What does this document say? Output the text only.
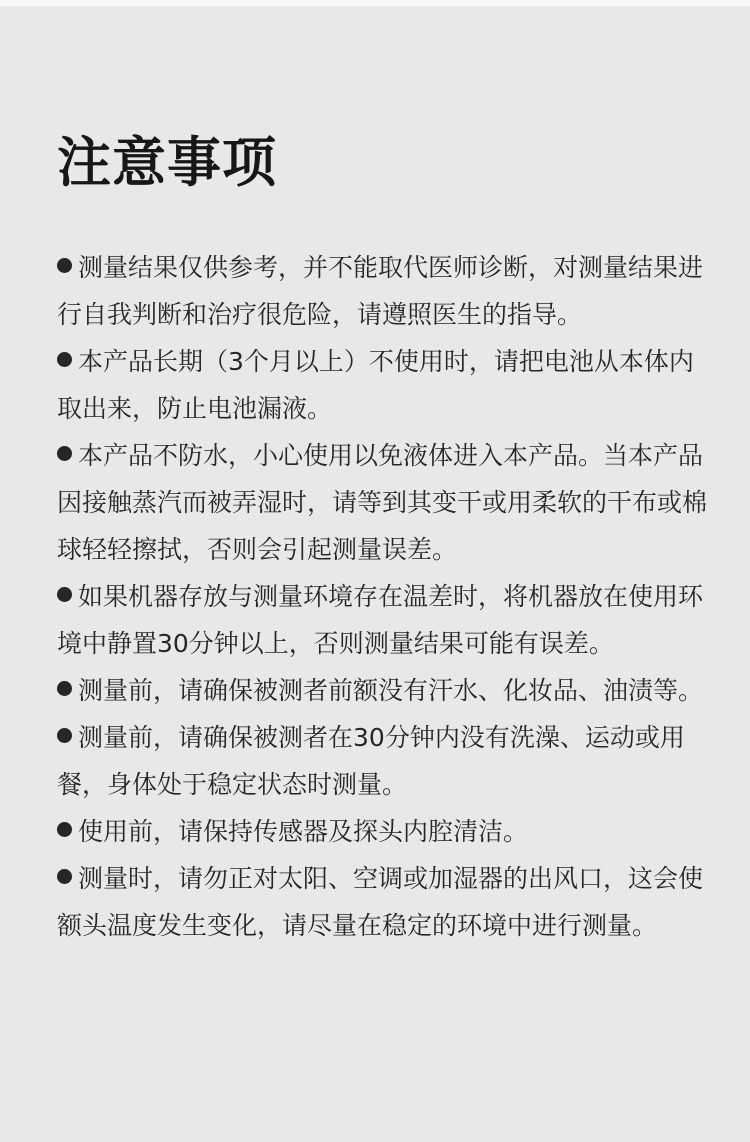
注意事项
测量结果仅供参考，并不能取代医师诊断，对测量结果进行自我判断和治疗很危险，请遵照医生的指导。
本产品长期（3个月以上）不使用时，请把电池从本体内取出来，防止电池漏液。
本产品不防水，小心使用以免液体进入本产品。当本产品因接触蒸汽而被弄湿时，请等到其变干或用柔软的干布或棉球轻轻擦拭，否则会引起测量误差。
如果机器存放与测量环境存在温差时，将机器放在使用环境中静置30分钟以上，否则测量结果可能有误差。
测量前，请确保被测者前额没有汗水、化妆品、油渍等。
测量前，请确保被测者在30分钟内没有洗澡、运动或用餐，身体处于稳定状态时测量。
使用前，请保持传感器及探头内腔清洁。
测量时，请勿正对太阳、空调或加湿器的出风口，这会使额头温度发生变化，请尽量在稳定的环境中进行测量。
